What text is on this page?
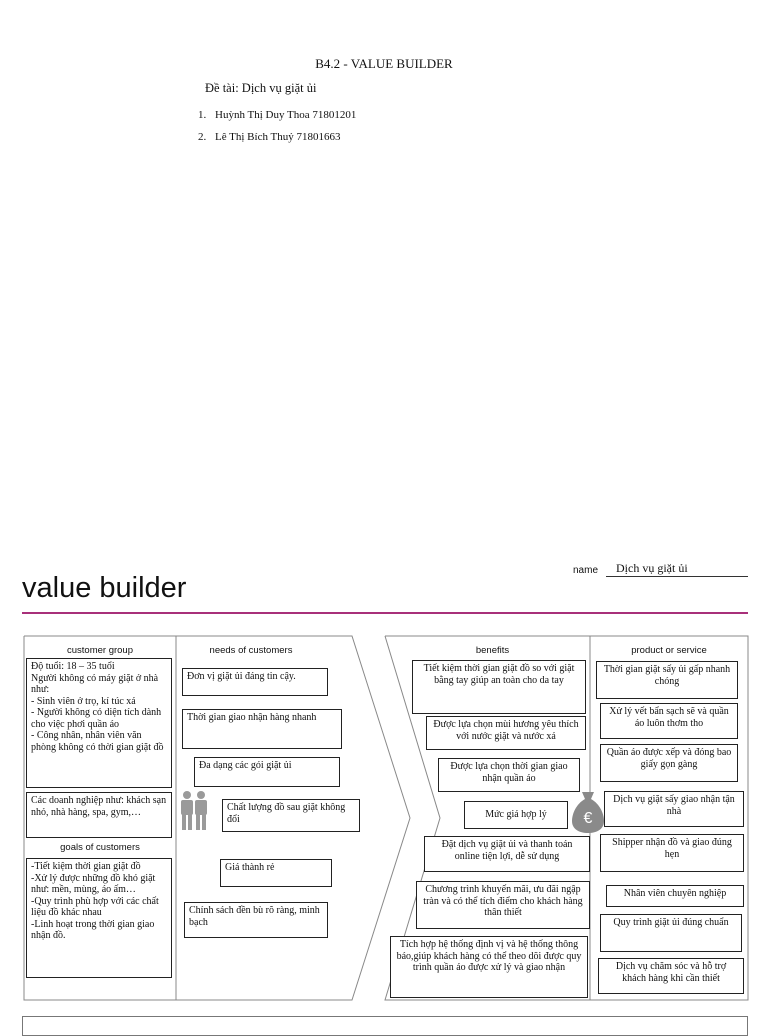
B4.2 - VALUE BUILDER
Đề tài: Dịch vụ giặt ủi
1. Huỳnh Thị Duy Thoa 71801201
2. Lê Thị Bích Thuỷ 71801663
value builder
name	Dịch vụ giặt ủi
customer group	needs of customers
goals of customers
benefits	product or service
Độ tuổi: 18 – 35 tuổi
Người không có máy giặt ở nhà như:
- Sinh viên ở trọ, kí túc xá
- Người không có diện tích dành cho việc phơi quần áo
- Công nhân, nhân viên văn phòng không có thời gian giặt đồ
Các doanh nghiệp như: khách sạn nhỏ, nhà hàng, spa, gym,…
-Tiết kiệm thời gian giặt đồ
-Xử lý được những đồ khó giặt như: mền, mùng, áo ấm…
-Quy trình phù hợp với các chất liệu đồ khác nhau
-Linh hoạt trong thời gian giao nhận đồ.
Đơn vị giặt ủi đáng tin cậy.
Thời gian giao nhận hàng nhanh
Đa dạng các gói giặt ủi
Chất lượng đồ sau giặt không đổi
Giá thành rẻ
Chính sách đền bù rõ ràng, minh bạch
Tiết kiệm thời gian giặt đồ so với giặt bằng tay giúp an toàn cho da tay
Được lựa chọn mùi hương yêu thích với nước giặt và nước xả
Được lựa chọn thời gian giao nhận quần áo
Mức giá hợp lý
Đặt dịch vụ giặt ủi và thanh toán online tiện lợi, dễ sử dụng
Chương trình khuyến mãi, ưu đãi ngập tràn và có thể tích điểm cho khách hàng thân thiết
Tích hợp hệ thống định vị và hệ thống thông báo,giúp khách hàng có thể theo dõi được quy trình quần áo được xử lý và giao nhận
€
Thời gian giặt sấy ủi gấp nhanh chóng
Xử lý vết bẩn sạch sẽ và quần áo luôn thơm tho
Quần áo được xếp và đóng bao giấy gọn gàng
Dịch vụ giặt sấy giao nhận tận nhà
Shipper nhận đồ và giao đúng hẹn
Nhân viên chuyên nghiệp
Quy trình giặt ủi đúng chuẩn
Dịch vụ chăm sóc và hỗ trợ khách hàng khi cần thiết
